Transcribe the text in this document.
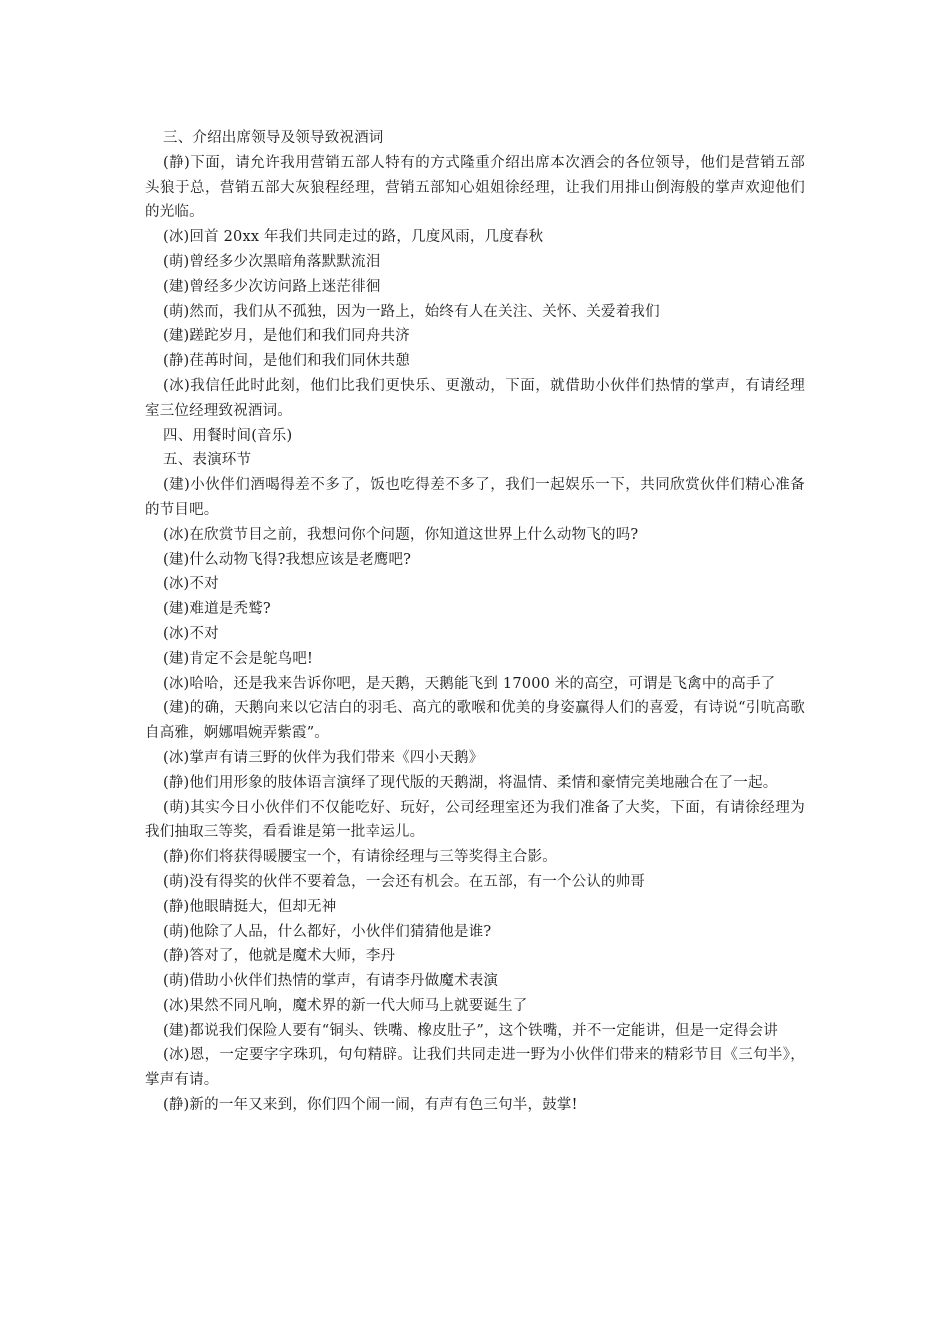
三、介绍出席领导及领导致祝酒词

(静)下面，请允许我用营销五部人特有的方式隆重介绍出席本次酒会的各位领导，他们是营销五部头狼于总，营销五部大灰狼程经理，营销五部知心姐姐徐经理，让我们用排山倒海般的掌声欢迎他们的光临。

(冰)回首 20xx 年我们共同走过的路，几度风雨，几度春秋

(萌)曾经多少次黑暗角落默默流泪

(建)曾经多少次访问路上迷茫徘徊

(萌)然而，我们从不孤独，因为一路上，始终有人在关注、关怀、关爱着我们

(建)蹉跎岁月，是他们和我们同舟共济

(静)荏苒时间，是他们和我们同休共憩

(冰)我信任此时此刻，他们比我们更快乐、更激动，下面，就借助小伙伴们热情的掌声，有请经理室三位经理致祝酒词。

四、用餐时间(音乐)

五、表演环节

(建)小伙伴们酒喝得差不多了，饭也吃得差不多了，我们一起娱乐一下，共同欣赏伙伴们精心准备的节目吧。

(冰)在欣赏节目之前，我想问你个问题，你知道这世界上什么动物飞的吗?

(建)什么动物飞得?我想应该是老鹰吧?

(冰)不对

(建)难道是秃鹫?

(冰)不对

(建)肯定不会是鸵鸟吧!

(冰)哈哈，还是我来告诉你吧，是天鹅，天鹅能飞到 17000 米的高空，可谓是飞禽中的高手了

(建)的确，天鹅向来以它洁白的羽毛、高亢的歌喉和优美的身姿赢得人们的喜爱，有诗说“引吭高歌自高雅，婀娜唱婉弄紫霞”。

(冰)掌声有请三野的伙伴为我们带来《四小天鹅》

(静)他们用形象的肢体语言演绎了现代版的天鹅湖，将温情、柔情和豪情完美地融合在了一起。

(萌)其实今日小伙伴们不仅能吃好、玩好，公司经理室还为我们准备了大奖，下面，有请徐经理为我们抽取三等奖，看看谁是第一批幸运儿。

(静)你们将获得暖腰宝一个，有请徐经理与三等奖得主合影。

(萌)没有得奖的伙伴不要着急，一会还有机会。在五部，有一个公认的帅哥

(静)他眼睛挺大，但却无神

(萌)他除了人品，什么都好，小伙伴们猜猜他是谁?

(静)答对了，他就是魔术大师，李丹

(萌)借助小伙伴们热情的掌声，有请李丹做魔术表演

(冰)果然不同凡响，魔术界的新一代大师马上就要诞生了

(建)都说我们保险人要有“铜头、铁嘴、橡皮肚子”，这个铁嘴，并不一定能讲，但是一定得会讲

(冰)恩，一定要字字珠玑，句句精辟。让我们共同走进一野为小伙伴们带来的精彩节目《三句半》，掌声有请。

(静)新的一年又来到，你们四个闹一闹，有声有色三句半，鼓掌!
